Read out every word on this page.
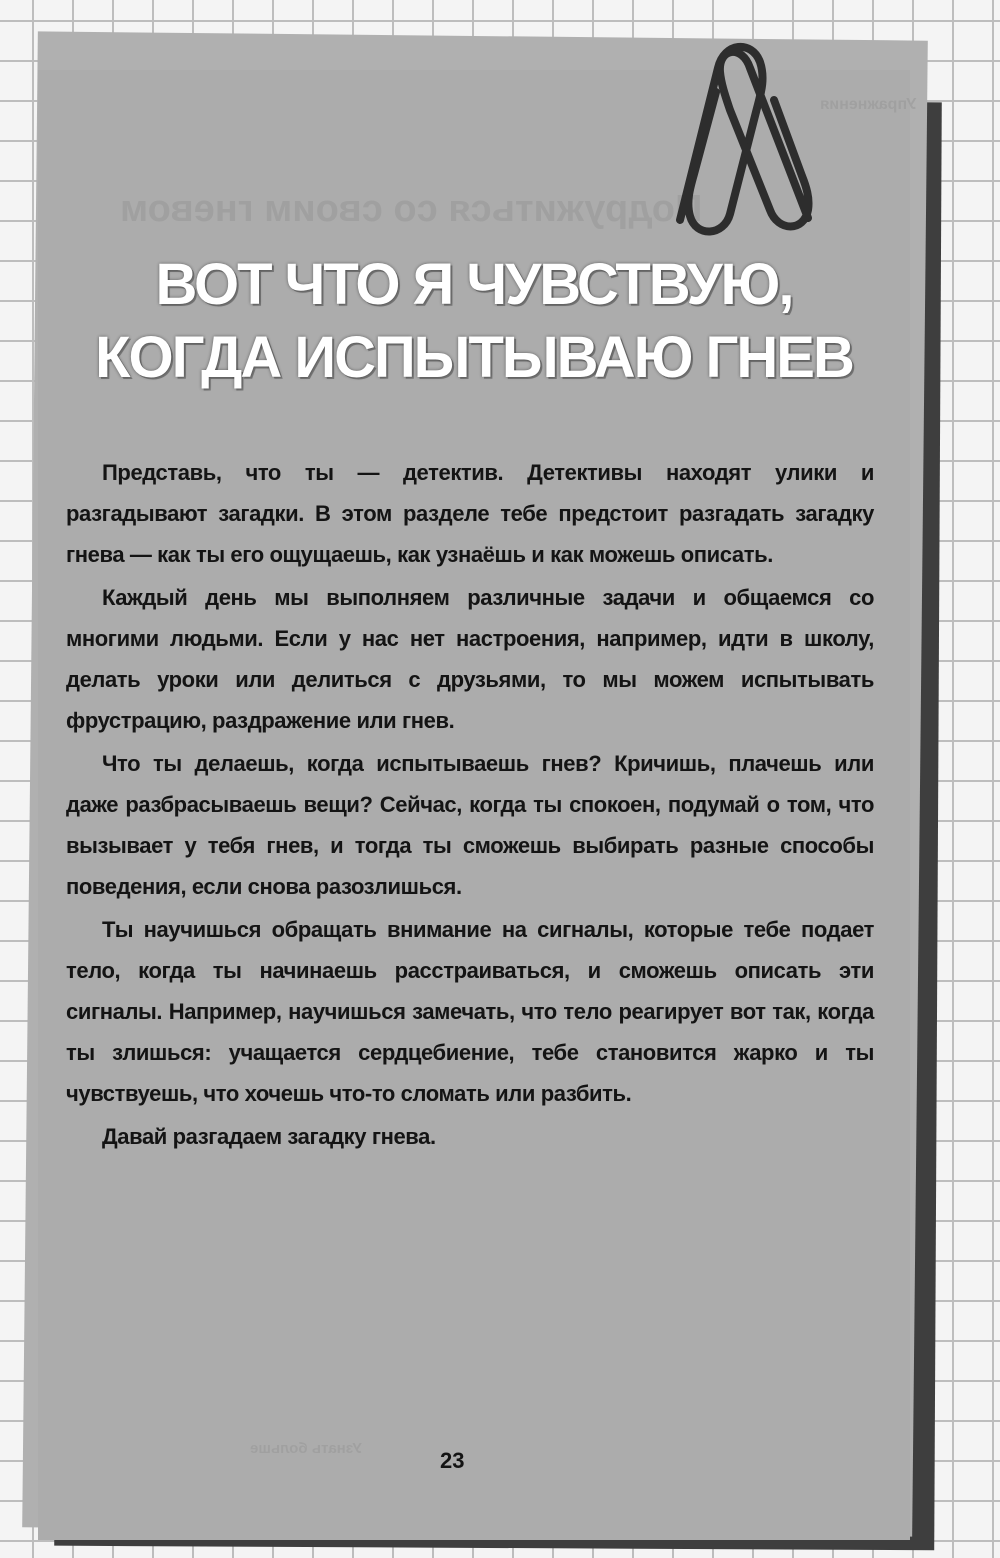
Подружиться со своим гневом
Упражнения
Узнать больше
ВОТ ЧТО Я ЧУВСТВУЮ,
КОГДА ИСПЫТЫВАЮ ГНЕВ

Представь, что ты — детектив. Детективы находят улики и разгадывают загадки. В этом разделе тебе предстоит разгадать загадку гнева — как ты его ощущаешь, как узнаёшь и как можешь описать.

Каждый день мы выполняем различные задачи и общаемся со многими людьми. Если у нас нет настроения, например, идти в школу, делать уроки или делиться с друзьями, то мы можем испытывать фрустрацию, раздражение или гнев.

Что ты делаешь, когда испытываешь гнев? Кричишь, плачешь или даже разбрасываешь вещи? Сейчас, когда ты спокоен, подумай о том, что вызывает у тебя гнев, и тогда ты сможешь выбирать разные способы поведения, если снова разозлишься.

Ты научишься обращать внимание на сигналы, которые тебе подает тело, когда ты начинаешь расстраиваться, и сможешь описать эти сигналы. Например, научишься замечать, что тело реагирует вот так, когда ты злишься: учащается сердцебиение, тебе становится жарко и ты чувствуешь, что хочешь что-то сломать или разбить.

Давай разгадаем загадку гнева.

23
